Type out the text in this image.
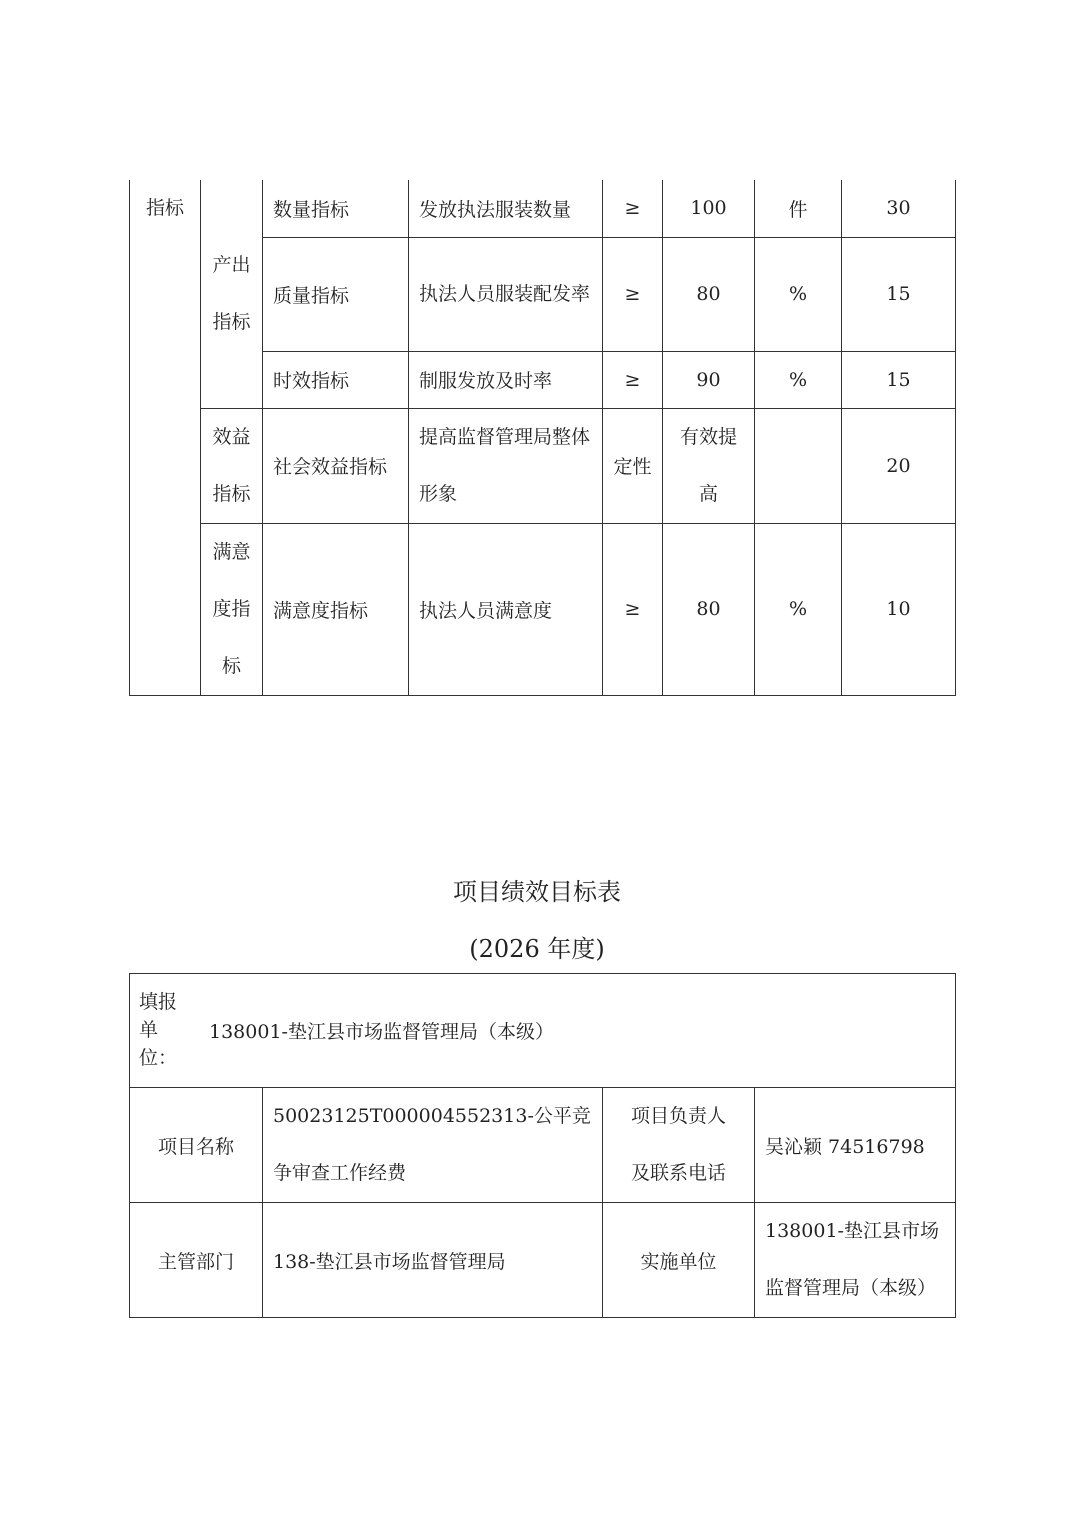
指标	产出指标	数量指标	发放执法服装数量	≥	100	件	30
		质量指标	执法人员服装配发率	≥	80	%	15
		时效指标	制服发放及时率	≥	90	%	15

	效益指标	社会效益指标	提高监督管理局整体形象	定性	有效提高		20

	满意度指标	满意度指标	执法人员满意度	≥	80	%	10
项目绩效目标表
(2026 年度)
填报单位：
138001-垫江县市场监督管理局（本级）			

项目名称	50023125T000004552313-公平竞争审查工作经费	项目负责人及联系电话	吴沁颖 74516798
主管部门	138-垫江县市场监督管理局	实施单位	138001-垫江县市场监督管理局（本级）
